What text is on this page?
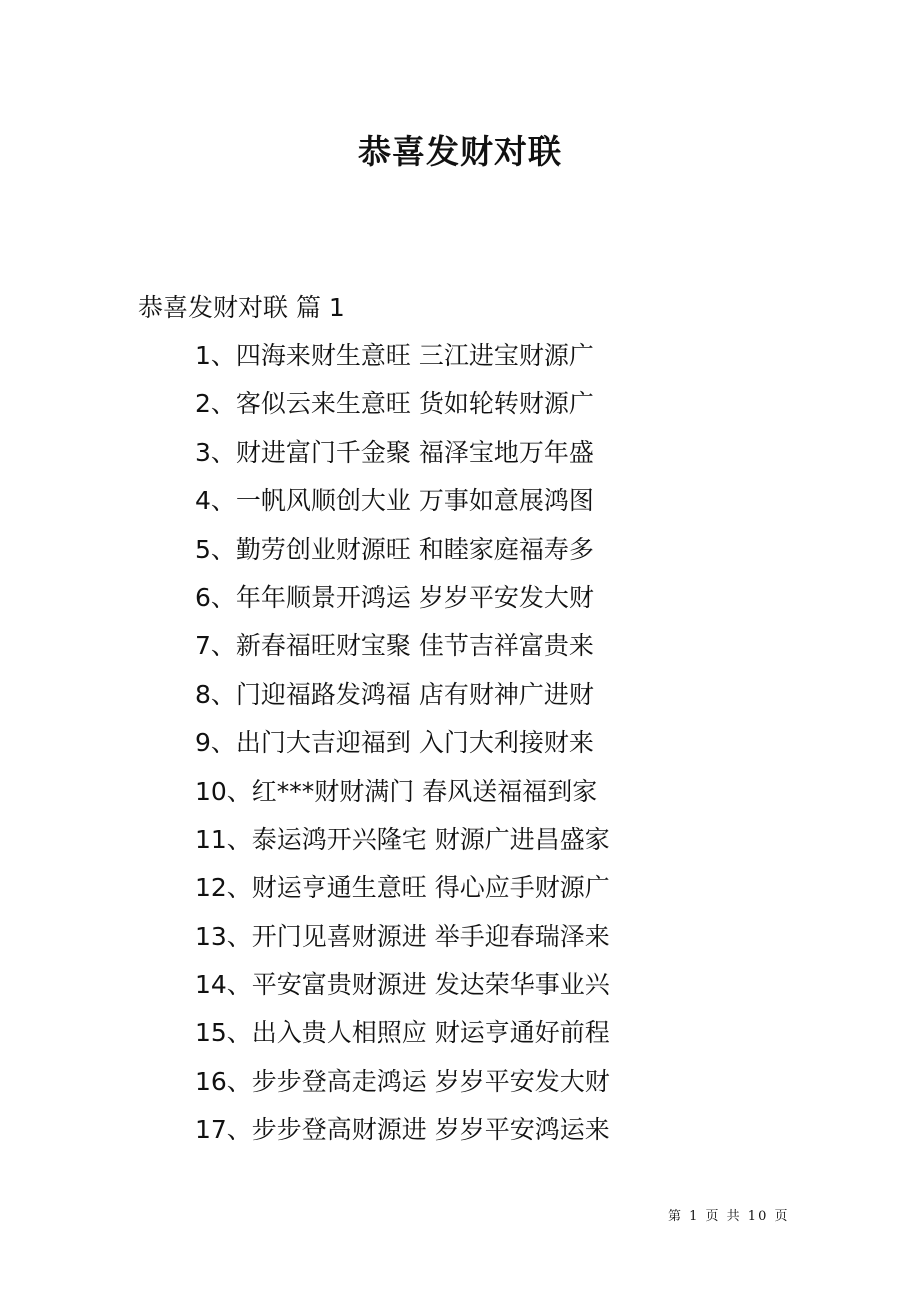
恭喜发财对联
恭喜发财对联 篇 1
1、四海来财生意旺 三江进宝财源广
2、客似云来生意旺 货如轮转财源广
3、财进富门千金聚 福泽宝地万年盛
4、一帆风顺创大业 万事如意展鸿图
5、勤劳创业财源旺 和睦家庭福寿多
6、年年顺景开鸿运 岁岁平安发大财
7、新春福旺财宝聚 佳节吉祥富贵来
8、门迎福路发鸿福 店有财神广进财
9、出门大吉迎福到 入门大利接财来
10、红***财财满门 春风送福福到家
11、泰运鸿开兴隆宅 财源广进昌盛家
12、财运亨通生意旺 得心应手财源广
13、开门见喜财源进 举手迎春瑞泽来
14、平安富贵财源进 发达荣华事业兴
15、出入贵人相照应 财运亨通好前程
16、步步登高走鸿运 岁岁平安发大财
17、步步登高财源进 岁岁平安鸿运来
第 1 页 共 10 页
